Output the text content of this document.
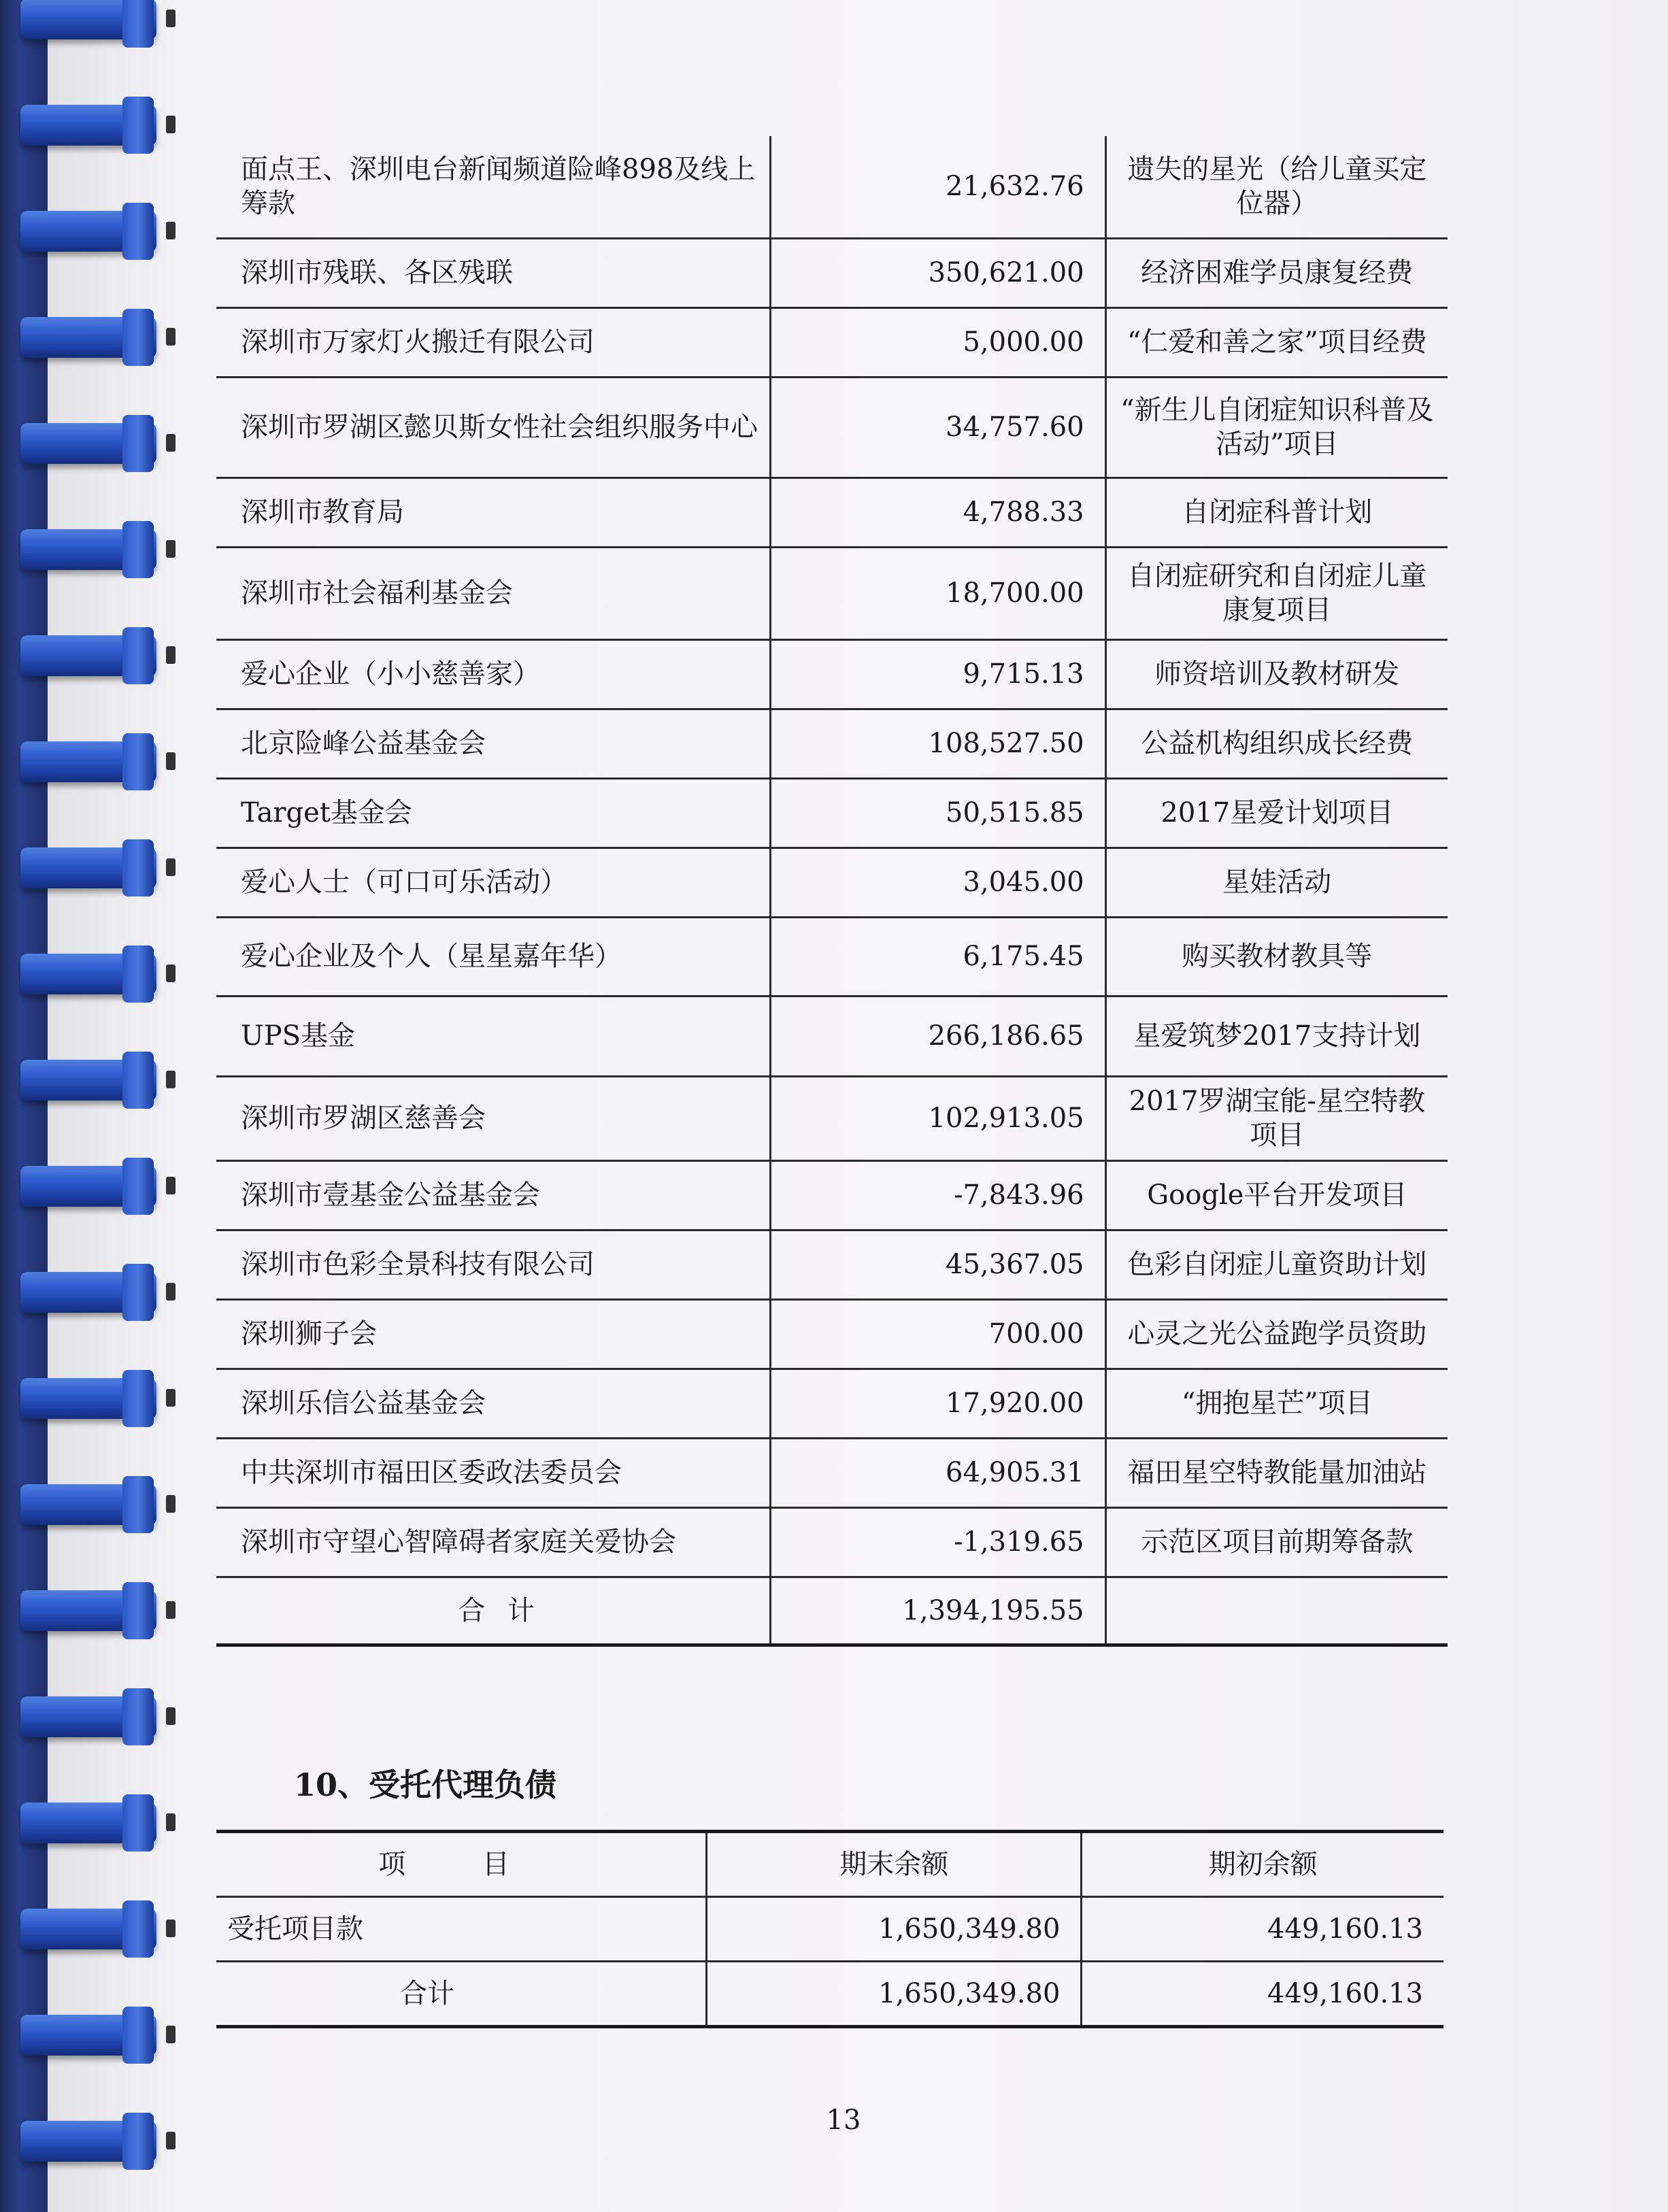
面点王、深圳电台新闻频道险峰898及线上筹款	21,632.76	遗失的星光（给儿童买定位器）
深圳市残联、各区残联	350,621.00	经济困难学员康复经费
深圳市万家灯火搬迁有限公司	5,000.00	“仁爱和善之家”项目经费
深圳市罗湖区懿贝斯女性社会组织服务中心	34,757.60	“新生儿自闭症知识科普及活动”项目
深圳市教育局	4,788.33	自闭症科普计划
深圳市社会福利基金会	18,700.00	自闭症研究和自闭症儿童康复项目
爱心企业（小小慈善家）	9,715.13	师资培训及教材研发
北京险峰公益基金会	108,527.50	公益机构组织成长经费
Target基金会	50,515.85	2017星爱计划项目
爱心人士（可口可乐活动）	3,045.00	星娃活动
爱心企业及个人（星星嘉年华）	6,175.45	购买教材教具等
UPS基金	266,186.65	星爱筑梦2017支持计划
深圳市罗湖区慈善会	102,913.05	2017罗湖宝能-星空特教项目
深圳市壹基金公益基金会	-7,843.96	Google平台开发项目
深圳市色彩全景科技有限公司	45,367.05	色彩自闭症儿童资助计划
深圳狮子会	700.00	心灵之光公益跑学员资助
深圳乐信公益基金会	17,920.00	“拥抱星芒”项目
中共深圳市福田区委政法委员会	64,905.31	福田星空特教能量加油站
深圳市守望心智障碍者家庭关爱协会	-1,319.65	示范区项目前期筹备款
合 计	1,394,195.55	
10、受托代理负债
项 目	期末余额	期初余额
受托项目款	1,650,349.80	449,160.13
合计	1,650,349.80	449,160.13
13
